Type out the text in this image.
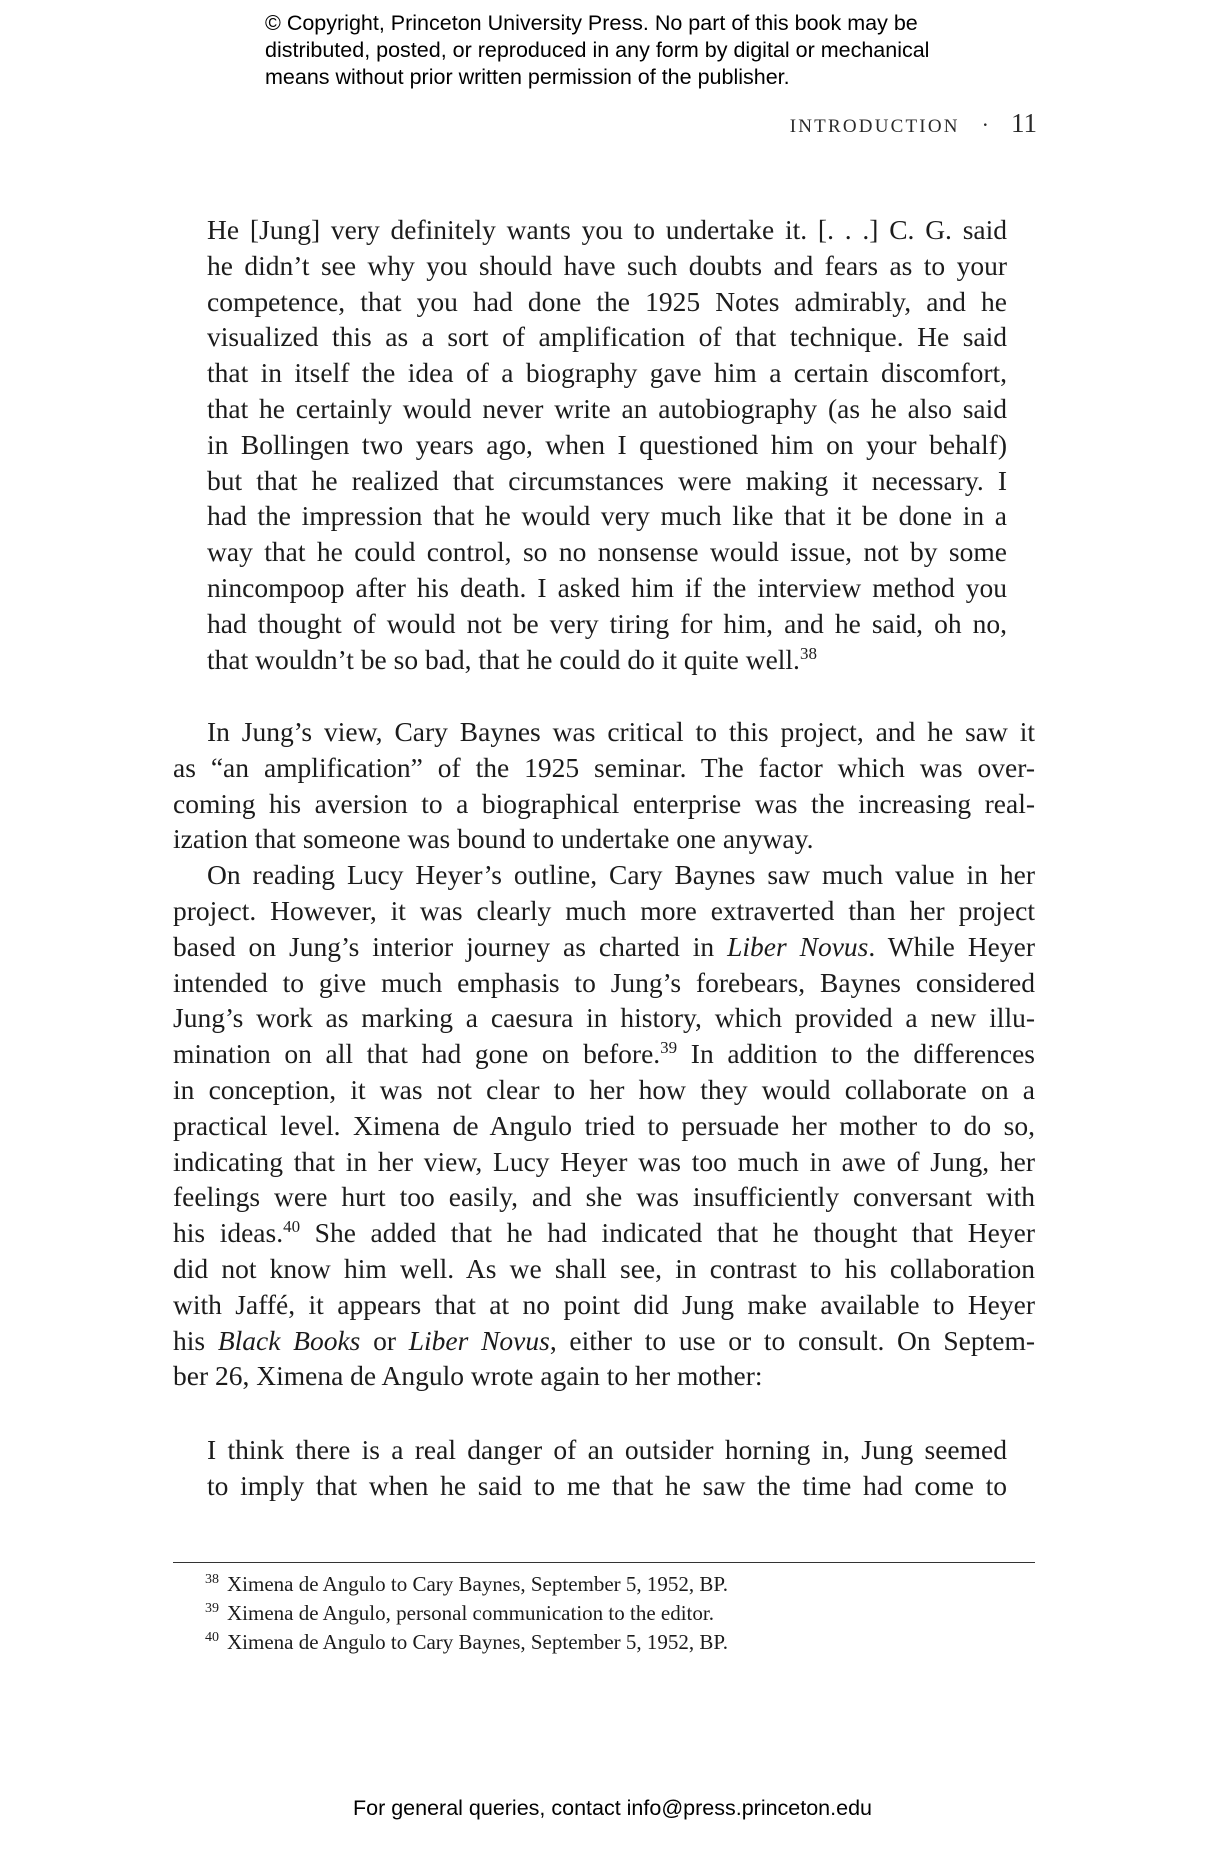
© Copyright, Princeton University Press. No part of this book may be
distributed, posted, or reproduced in any form by digital or mechanical
means without prior written permission of the publisher.
INTRODUCTION · 11
He [Jung] very definitely wants you to undertake it. [. . .] C. G. said
he didn’t see why you should have such doubts and fears as to your
competence, that you had done the 1925 Notes admirably, and he
visualized this as a sort of amplification of that technique. He said
that in itself the idea of a biography gave him a certain discomfort,
that he certainly would never write an autobiography (as he also said
in Bollingen two years ago, when I questioned him on your behalf)
but that he realized that circumstances were making it necessary. I
had the impression that he would very much like that it be done in a
way that he could control, so no nonsense would issue, not by some
nincompoop after his death. I asked him if the interview method you
had thought of would not be very tiring for him, and he said, oh no,
that wouldn’t be so bad, that he could do it quite well.$^{38}$
In Jung’s view, Cary Baynes was critical to this project, and he saw it
as “an amplification” of the 1925 seminar. The factor which was over-
coming his aversion to a biographical enterprise was the increasing real-
ization that someone was bound to undertake one anyway.
On reading Lucy Heyer’s outline, Cary Baynes saw much value in her
project. However, it was clearly much more extraverted than her project
based on Jung’s interior journey as charted in Liber Novus. While Heyer
intended to give much emphasis to Jung’s forebears, Baynes considered
Jung’s work as marking a caesura in history, which provided a new illu-
mination on all that had gone on before.$^{39}$ In addition to the differences
in conception, it was not clear to her how they would collaborate on a
practical level. Ximena de Angulo tried to persuade her mother to do so,
indicating that in her view, Lucy Heyer was too much in awe of Jung, her
feelings were hurt too easily, and she was insufficiently conversant with
his ideas.$^{40}$ She added that he had indicated that he thought that Heyer
did not know him well. As we shall see, in contrast to his collaboration
with Jaffé, it appears that at no point did Jung make available to Heyer
his Black Books or Liber Novus, either to use or to consult. On Septem-
ber 26, Ximena de Angulo wrote again to her mother:
I think there is a real danger of an outsider horning in, Jung seemed
to imply that when he said to me that he saw the time had come to
$^{38}$ Ximena de Angulo to Cary Baynes, September 5, 1952, BP.
$^{39}$ Ximena de Angulo, personal communication to the editor.
$^{40}$ Ximena de Angulo to Cary Baynes, September 5, 1952, BP.
For general queries, contact info@press.princeton.edu
